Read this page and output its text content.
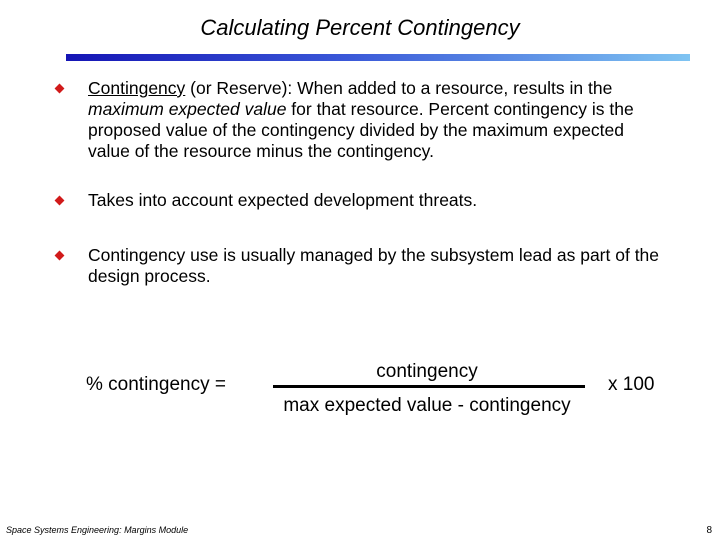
Calculating Percent Contingency
Contingency (or Reserve): When added to a resource, results in the maximum expected value for that resource. Percent contingency is the proposed value of the contingency divided by the maximum expected value of the resource minus the contingency.
Takes into account expected development threats.
Contingency use is usually managed by the subsystem lead as part of the design process.
% contingency =
contingency
max expected value - contingency
x 100
Space Systems Engineering: Margins Module	8
